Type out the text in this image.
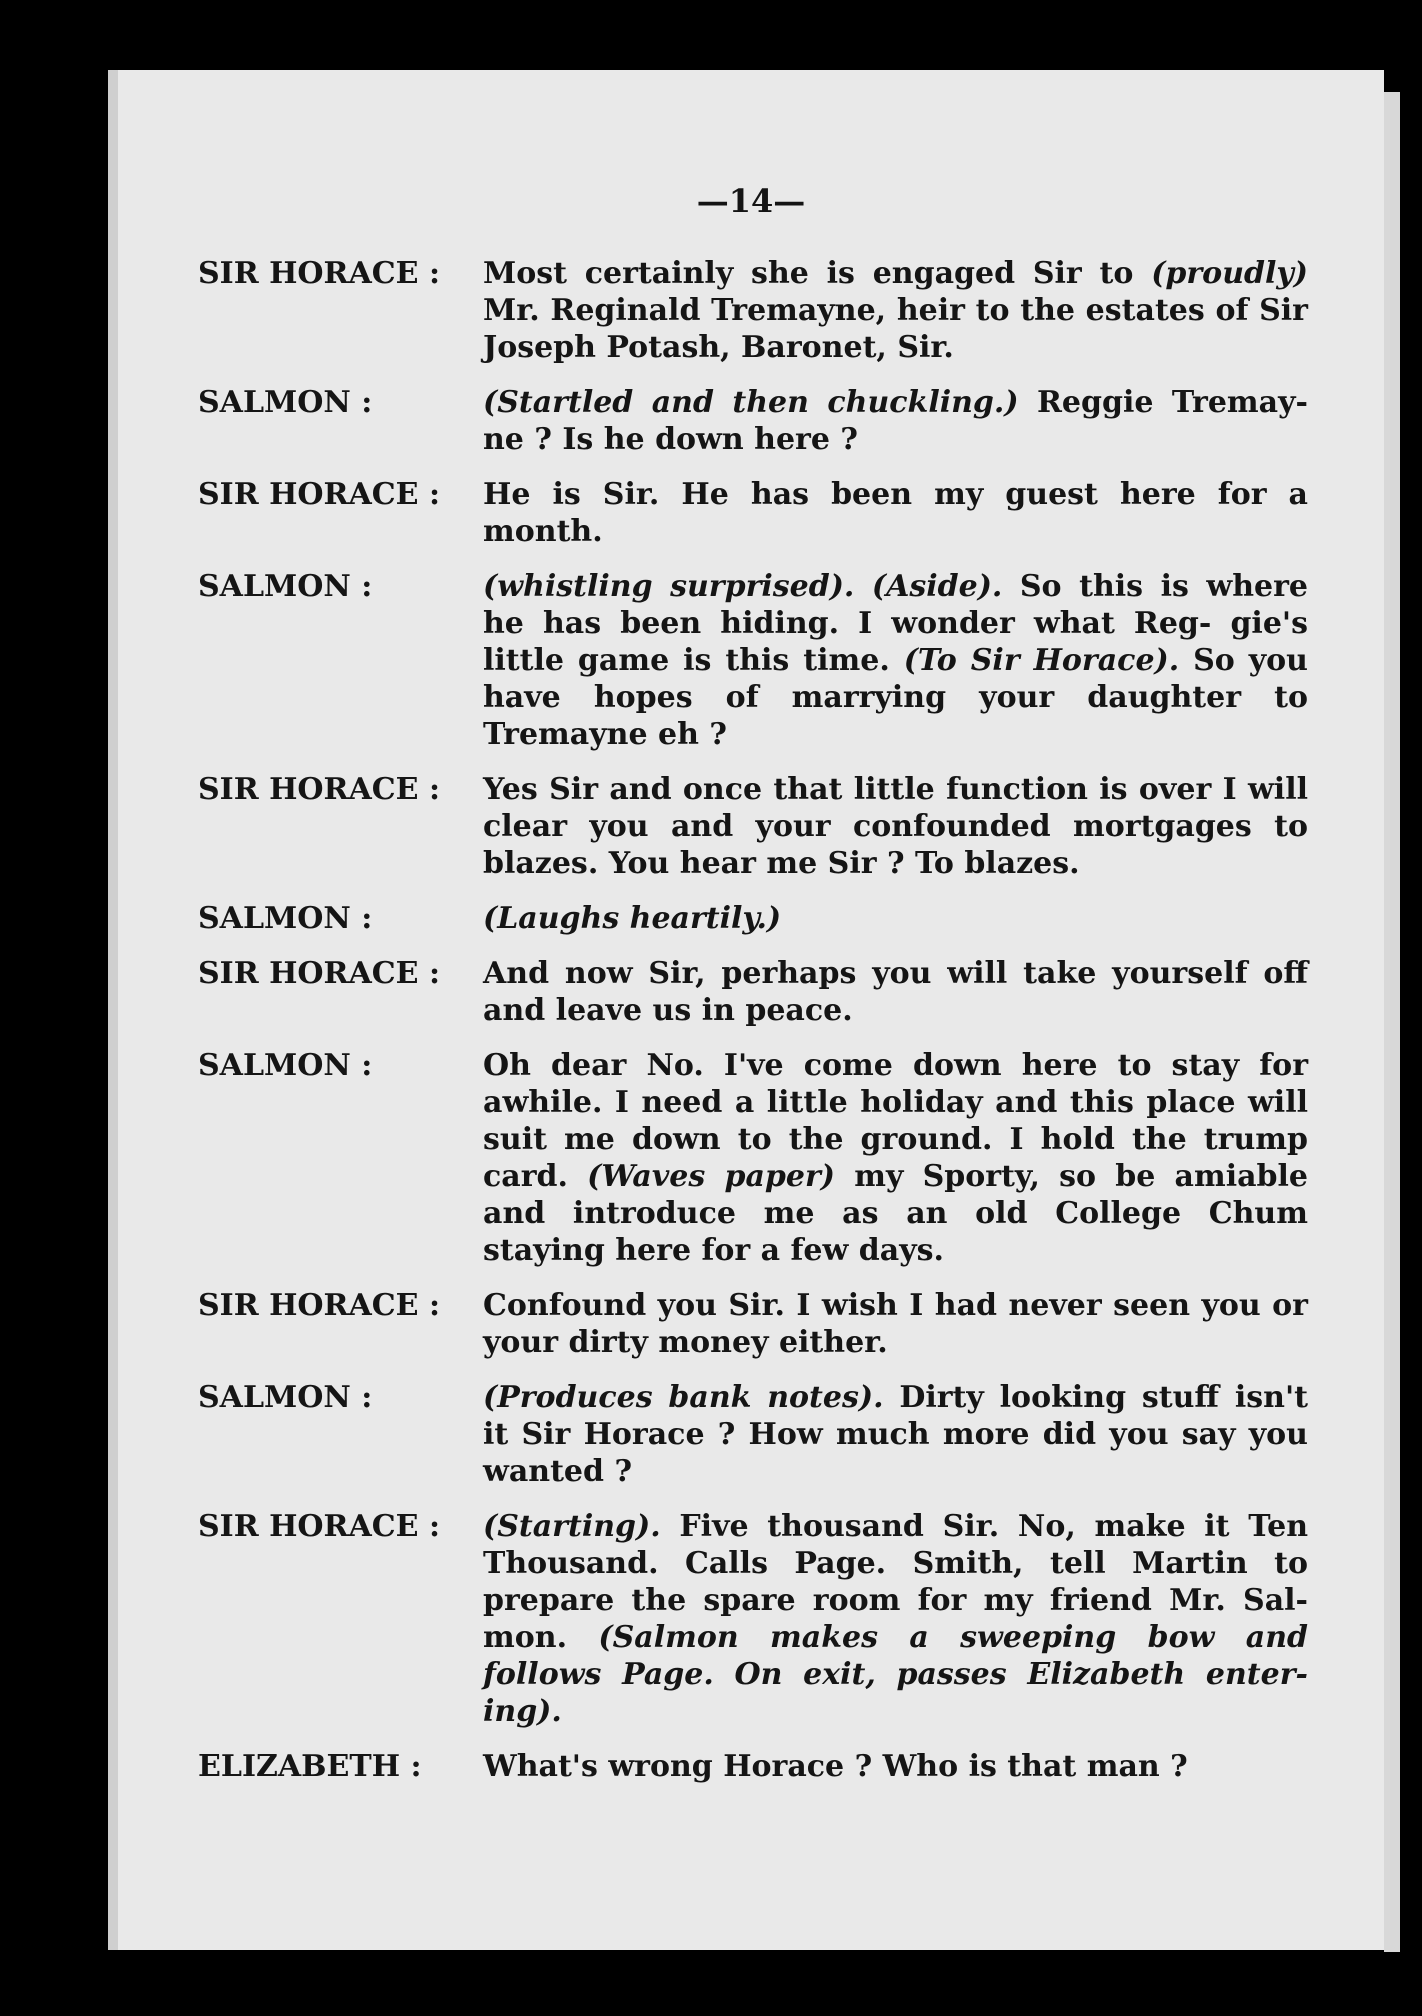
—14—
SIR HORACE :	Most certainly she is engaged Sir to (proudly) Mr. Reginald Tremayne, heir to the estates of Sir Joseph Potash, Baronet, Sir.
SALMON :	(Startled and then chuckling.) Reggie Tremay- ne ? Is he down here ?
SIR HORACE :	He is Sir. He has been my guest here for a month.
SALMON :	(whistling surprised). (Aside). So this is where he has been hiding. I wonder what Reg- gie's little game is this time. (To Sir Horace). So you have hopes of marrying your daughter to Tremayne eh ?
SIR HORACE :	Yes Sir and once that little function is over I will clear you and your confounded mortgages to blazes. You hear me Sir ? To blazes.
SALMON :	(Laughs heartily.)
SIR HORACE :	And now Sir, perhaps you will take yourself off and leave us in peace.
SALMON :	Oh dear No. I've come down here to stay for awhile. I need a little holiday and this place will suit me down to the ground. I hold the trump card. (Waves paper) my Sporty, so be amiable and introduce me as an old College Chum staying here for a few days.
SIR HORACE :	Confound you Sir. I wish I had never seen you or your dirty money either.
SALMON :	(Produces bank notes). Dirty looking stuff isn't it Sir Horace ? How much more did you say you wanted ?
SIR HORACE :	(Starting). Five thousand Sir. No, make it Ten Thousand. Calls Page. Smith, tell Martin to prepare the spare room for my friend Mr. Sal- mon. (Salmon makes a sweeping bow and follows Page. On exit, passes Elizabeth enter- ing).
ELIZABETH :	What's wrong Horace ? Who is that man ?
